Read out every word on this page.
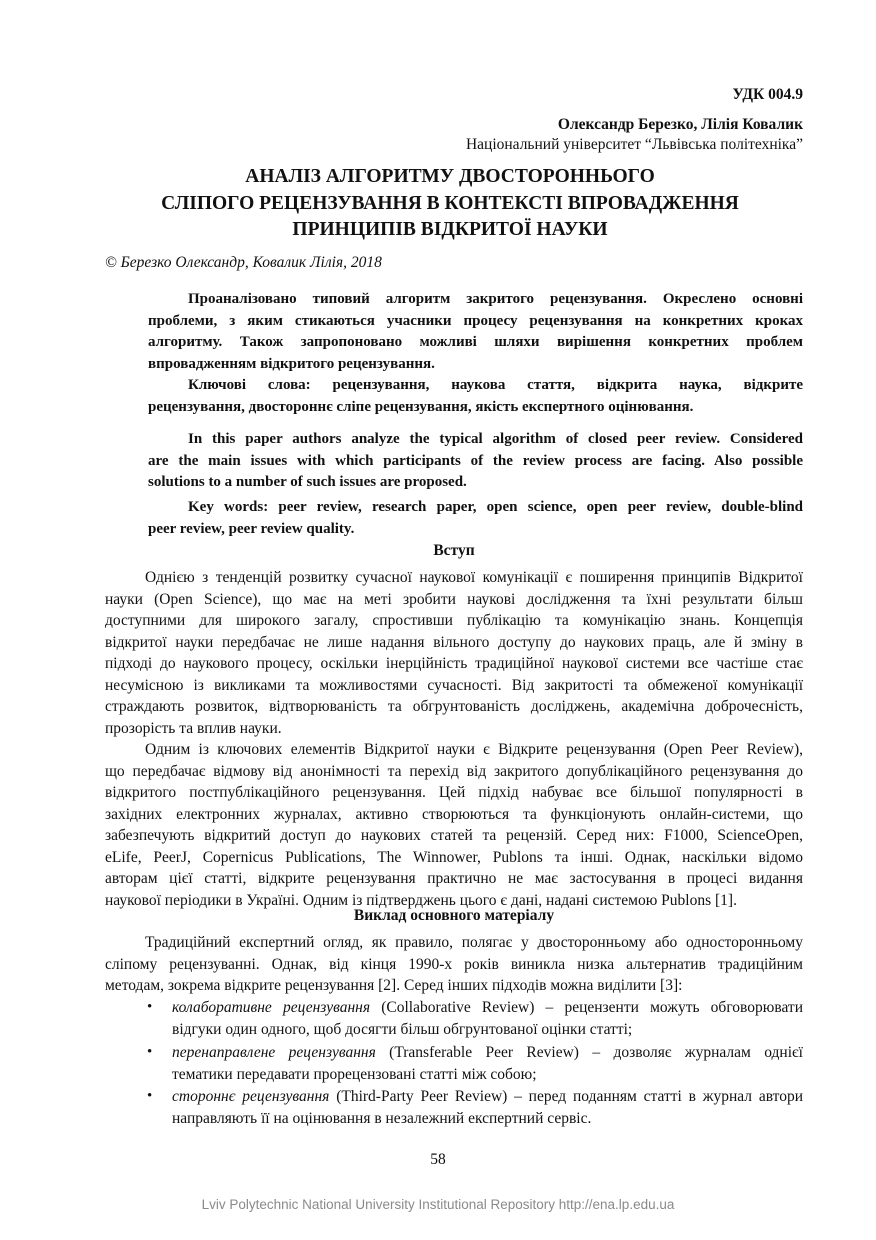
УДК 004.9
Олександр Березко, Лілія Ковалик
Національний університет “Львівська політехніка”
АНАЛІЗ АЛГОРИТМУ ДВОСТОРОННЬОГО
СЛІПОГО РЕЦЕНЗУВАННЯ В КОНТЕКСТІ ВПРОВАДЖЕННЯ
ПРИНЦИПІВ ВІДКРИТОЇ НАУКИ
© Березко Олександр, Ковалик Лілія, 2018
Проаналізовано типовий алгоритм закритого рецензування. Окреслено основні
проблеми, з яким стикаються учасники процесу рецензування на конкретних кроках
алгоритму. Також запропоновано можливі шляхи вирішення конкретних проблем
впровадженням відкритого рецензування.
Ключові слова: рецензування, наукова стаття, відкрита наука, відкрите
рецензування, двостороннє сліпе рецензування, якість експертного оцінювання.
In this paper authors analyze the typical algorithm of closed peer review. Considered
are the main issues with which participants of the review process are facing. Also possible
solutions to a number of such issues are proposed.
Key words: peer review, research paper, open science, open peer review, double-blind
peer review, peer review quality.
Вступ
Однією з тенденцій розвитку сучасної наукової комунікації є поширення принципів Відкритої
науки (Open Science), що має на меті зробити наукові дослідження та їхні результати більш
доступними для широкого загалу, спростивши публікацію та комунікацію знань. Концепція
відкритої науки передбачає не лише надання вільного доступу до наукових праць, але й зміну в
підході до наукового процесу, оскільки інерційність традиційної наукової системи все частіше стає
несумісною із викликами та можливостями сучасності. Від закритості та обмеженої комунікації
страждають розвиток, відтворюваність та обгрунтованість досліджень, академічна доброчесність,
прозорість та вплив науки.
Одним із ключових елементів Відкритої науки є Відкрите рецензування (Open Peer Review),
що передбачає відмову від анонімності та перехід від закритого допублікаційного рецензування до
відкритого постпублікаційного рецензування. Цей підхід набуває все більшої популярності в
західних електронних журналах, активно створюються та функціонують онлайн-системи, що
забезпечують відкритий доступ до наукових статей та рецензій. Серед них: F1000, ScienceOpen,
eLife, PeerJ, Copernicus Publications, The Winnower, Publons та інші. Однак, наскільки відомо
авторам цієї статті, відкрите рецензування практично не має застосування в процесі видання
наукової періодики в Україні. Одним із підтверджень цього є дані, надані системою Publons [1].
Виклад основного матеріалу
Традиційний експертний огляд, як правило, полягає у двосторонньому або односторонньому
сліпому рецензуванні. Однак, від кінця 1990-х років виникла низка альтернатив традиційним
методам, зокрема відкрите рецензування [2]. Серед інших підходів можна виділити [3]:
• колаборативне рецензування (Collaborative Review) – рецензенти можуть обговорювати
відгуки один одного, щоб досягти більш обгрунтованої оцінки статті;
• перенаправлене рецензування (Transferable Peer Review) – дозволяє журналам однієї
тематики передавати прорецензовані статті між собою;
• стороннє рецензування (Third-Party Peer Review) – перед поданням статті в журнал автори
направляють її на оцінювання в незалежний експертний сервіс.
58
Lviv Polytechnic National University Institutional Repository http://ena.lp.edu.ua
